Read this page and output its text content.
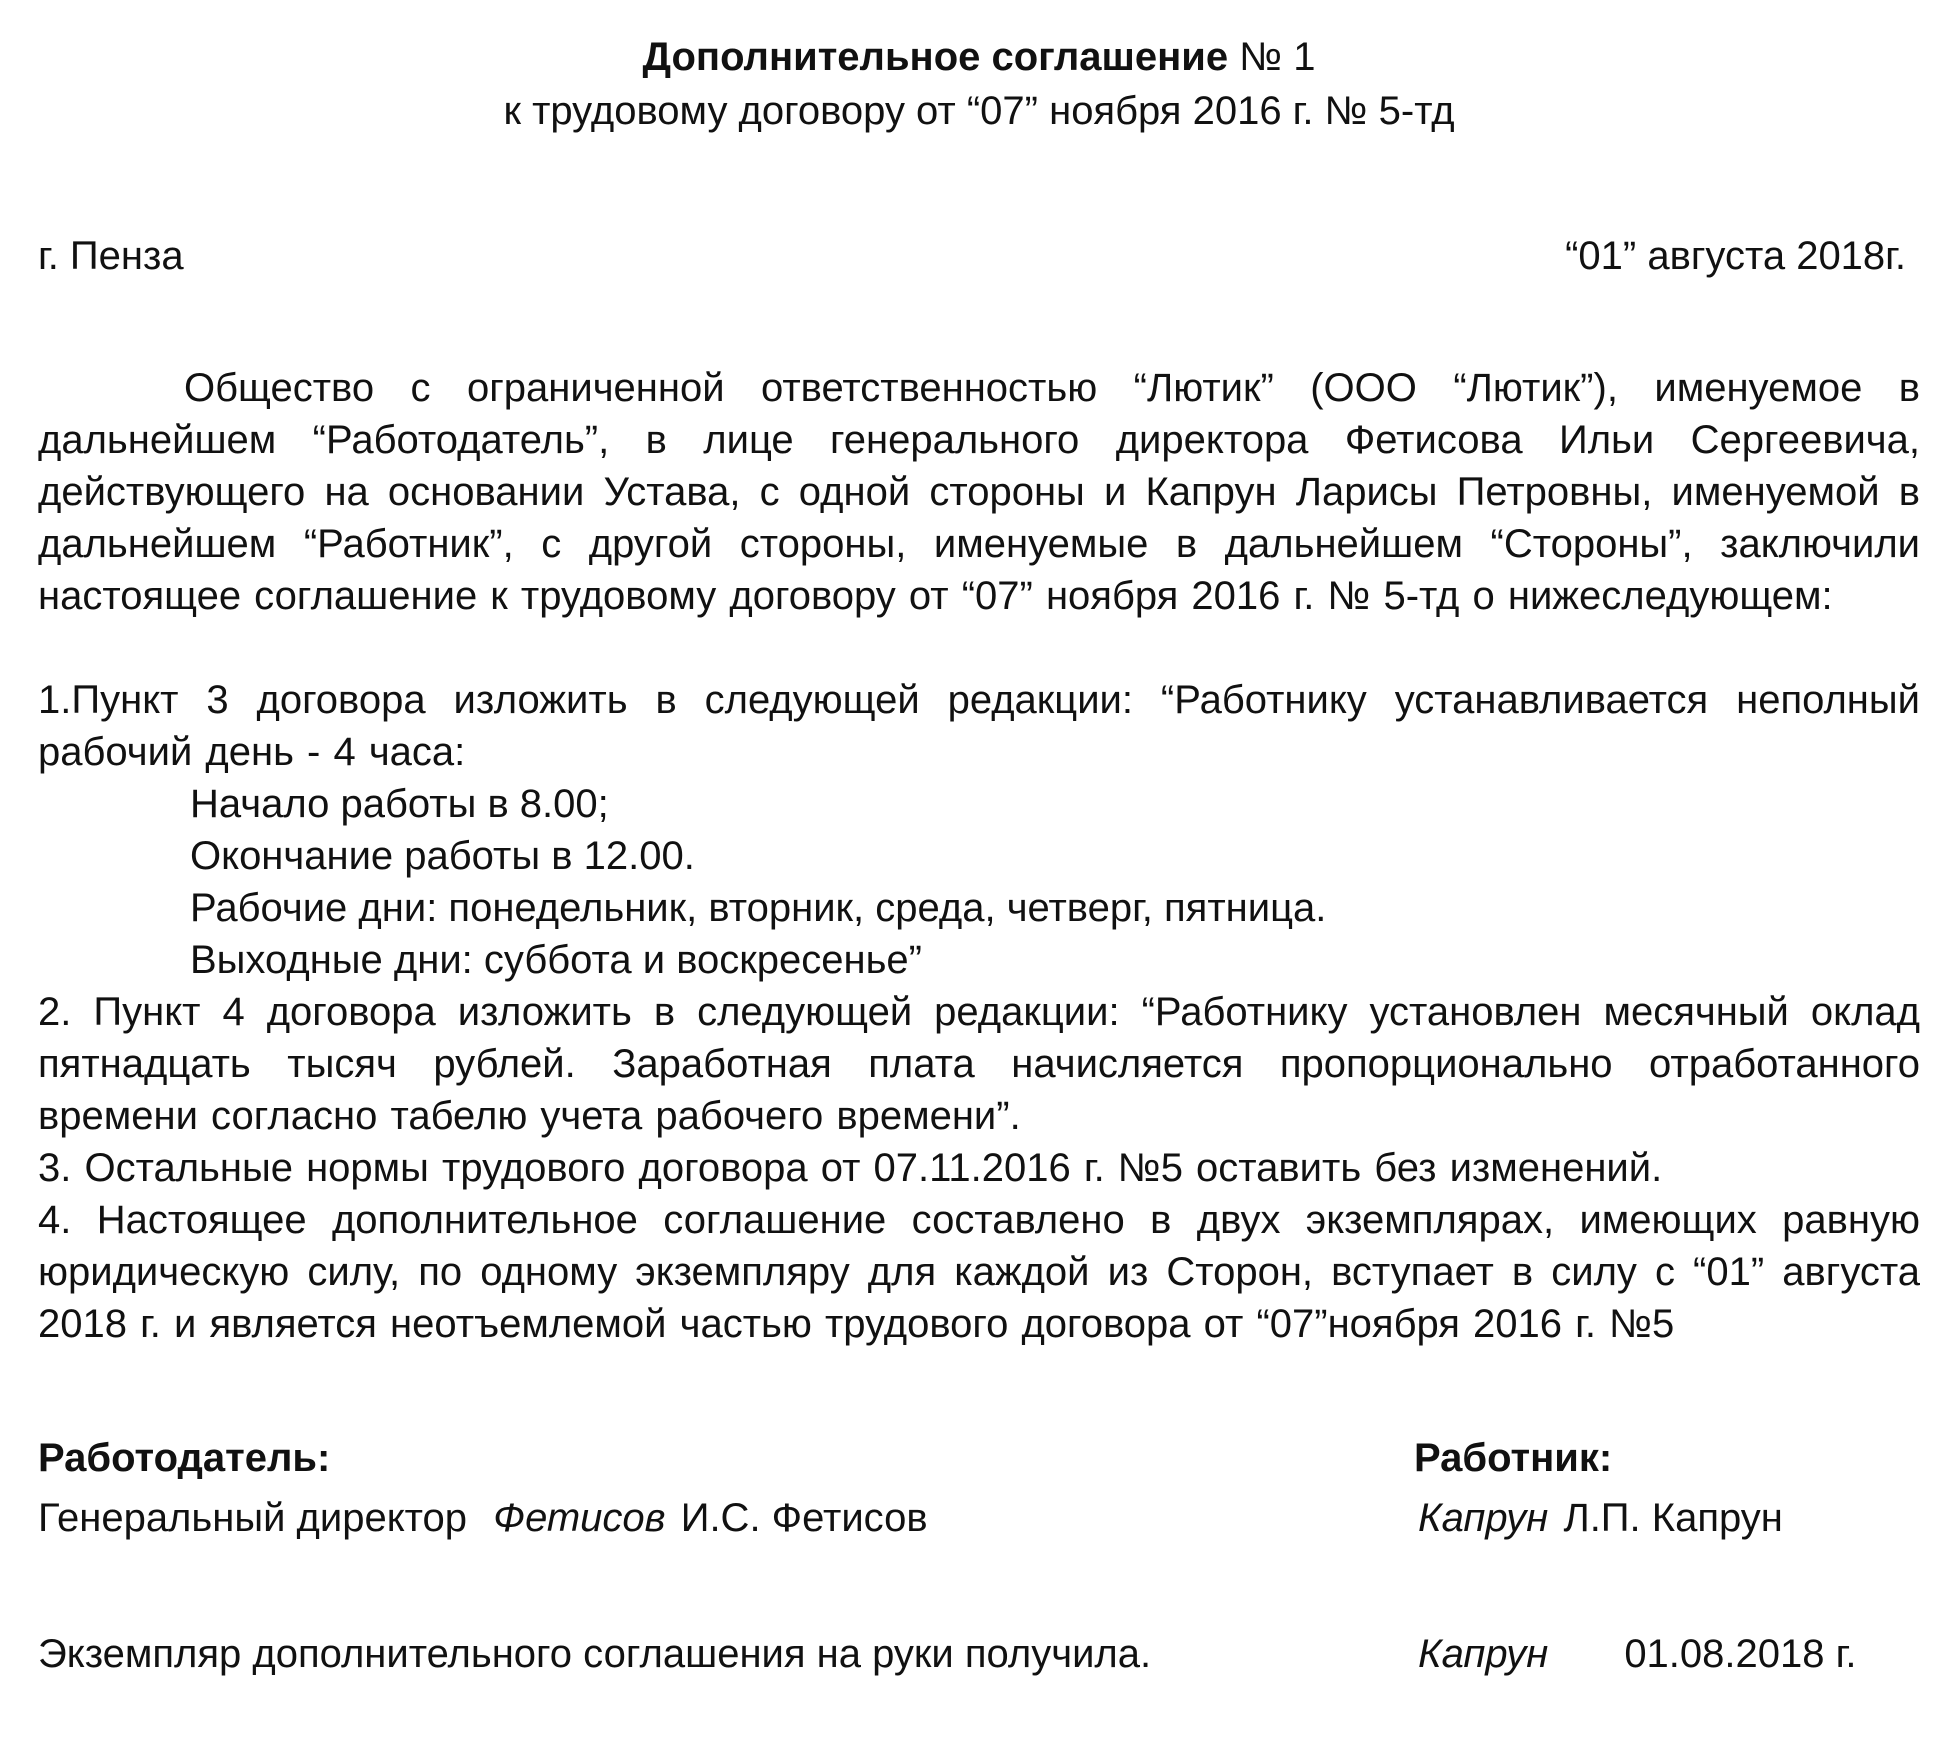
Дополнительное соглашение № 1

к трудовому договору от “07” ноября 2016 г. № 5-тд

г. Пенза	“01” августа 2018г.

Общество с ограниченной ответственностью “Лютик” (ООО “Лютик”), именуемое в дальнейшем “Работодатель”, в лице генерального директора Фетисова Ильи Сергеевича, действующего на основании Устава, с одной стороны и Капрун Ларисы Петровны, именуемой в дальнейшем “Работник”, с другой стороны, именуемые в дальнейшем “Стороны”, заключили настоящее соглашение к трудовому договору от “07” ноября 2016 г. № 5-тд о нижеследующем:

1.Пункт 3 договора изложить в следующей редакции: “Работнику устанавливается неполный рабочий день - 4 часа:

Начало работы в 8.00;
Окончание работы в 12.00.
Рабочие дни: понедельник, вторник, среда, четверг, пятница.
Выходные дни: суббота и воскресенье”

2. Пункт 4 договора изложить в следующей редакции: “Работнику установлен месячный оклад пятнадцать тысяч рублей. Заработная плата начисляется пропорционально отработанного времени согласно табелю учета рабочего времени”.

3. Остальные нормы трудового договора от 07.11.2016 г. №5 оставить без изменений.

4. Настоящее дополнительное соглашение составлено в двух экземплярах, имеющих равную юридическую силу, по одному экземпляру для каждой из Сторон, вступает в силу с “01” августа 2018 г. и является неотъемлемой частью трудового договора от “07”ноября 2016 г. №5

Работодатель:

Генеральный директор Фетисов И.С. Фетисов

Работник:

Капрун Л.П. Капрун

Экземпляр дополнительного соглашения на руки получила.	Капрун 01.08.2018 г.
